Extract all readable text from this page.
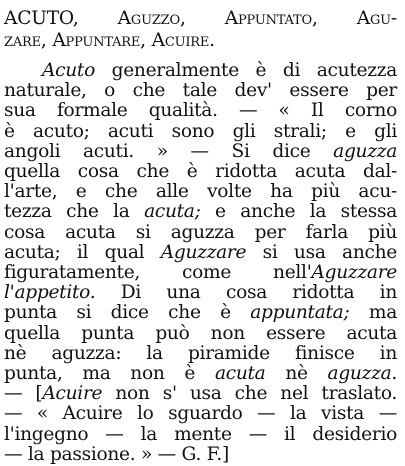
ACUTO, Aguzzo, Appuntato, Agu-
zare, Appuntare, Acuire.
Acuto generalmente è di acutezza
naturale, o che tale dev' essere per
sua formale qualità. — « Il corno
è acuto; acuti sono gli strali; e gli
angoli acuti. » — Si dice aguzza
quella cosa che è ridotta acuta dal-
l'arte, e che alle volte ha più acu-
tezza che la acuta; e anche la stessa
cosa acuta si aguzza per farla più
acuta; il qual Aguzzare si usa anche
figuratamente, come nell'Aguzzare
l'appetito. Di una cosa ridotta in
punta si dice che è appuntata; ma
quella punta può non essere acuta
nè aguzza: la piramide finisce in
punta, ma non è acuta nè aguzza.
— [Acuire non s' usa che nel traslato.
— « Acuire lo sguardo — la vista —
l'ingegno — la mente — il desiderio
— la passione. » — G. F.]
